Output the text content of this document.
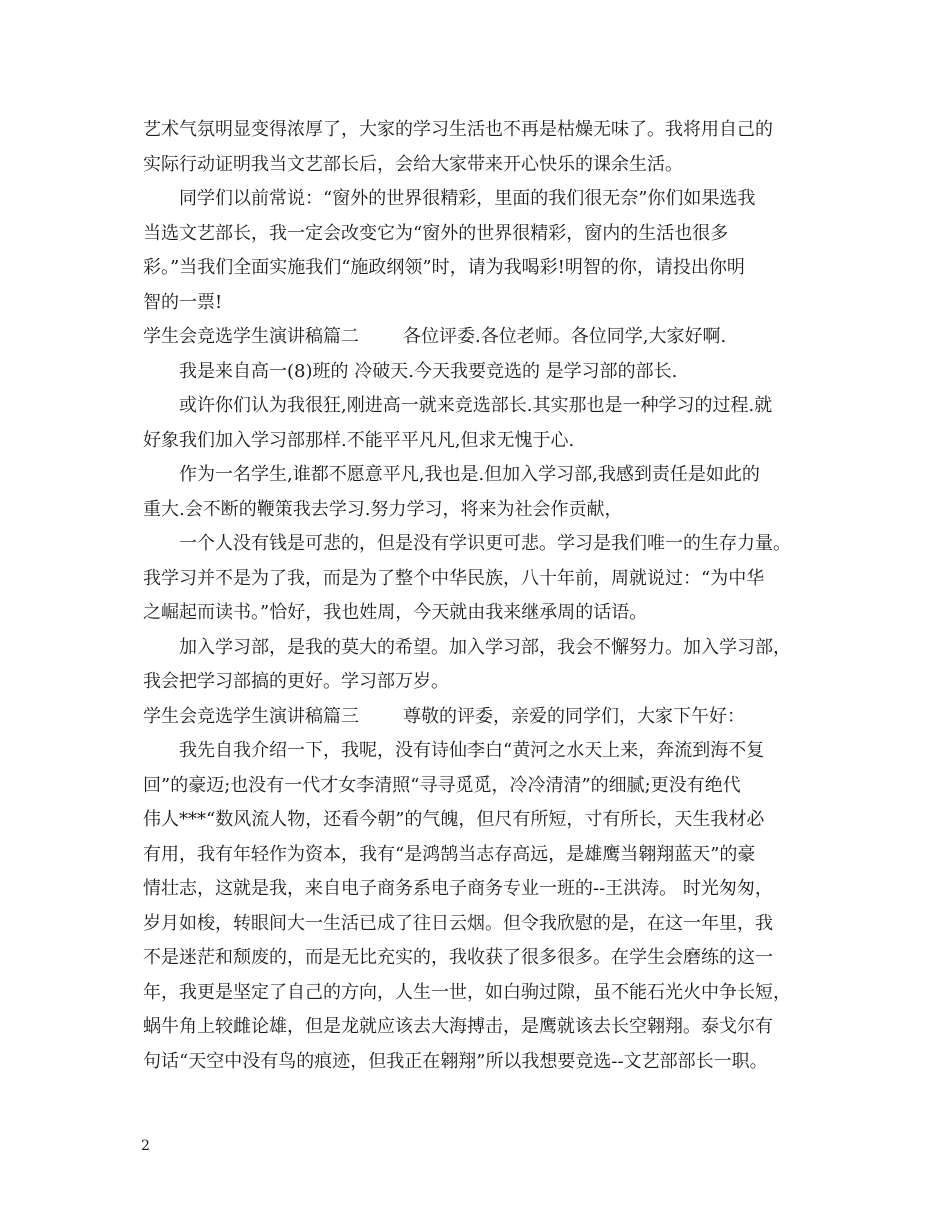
艺术气氛明显变得浓厚了，大家的学习生活也不再是枯燥无味了。我将用自己的
实际行动证明我当文艺部长后，会给大家带来开心快乐的课余生活。
同学们以前常说：“窗外的世界很精彩，里面的我们很无奈”你们如果选我
当选文艺部长，我一定会改变它为“窗外的世界很精彩，窗内的生活也很多
彩。”当我们全面实施我们“施政纲领”时，请为我喝彩!明智的你，请投出你明
智的一票!
学生会竞选学生演讲稿篇二 各位评委.各位老师。各位同学,大家好啊.
我是来自高一(8)班的 冷破天.今天我要竞选的 是学习部的部长.
或许你们认为我很狂,刚进高一就来竞选部长.其实那也是一种学习的过程.就
好象我们加入学习部那样.不能平平凡凡,但求无愧于心.
作为一名学生,谁都不愿意平凡,我也是.但加入学习部,我感到责任是如此的
重大.会不断的鞭策我去学习.努力学习，将来为社会作贡献，
一个人没有钱是可悲的，但是没有学识更可悲。学习是我们唯一的生存力量。
我学习并不是为了我，而是为了整个中华民族，八十年前，周就说过：“为中华
之崛起而读书。”恰好，我也姓周，今天就由我来继承周的话语。
加入学习部，是我的莫大的希望。加入学习部，我会不懈努力。加入学习部，
我会把学习部搞的更好。学习部万岁。
学生会竞选学生演讲稿篇三 尊敬的评委，亲爱的同学们，大家下午好：
我先自我介绍一下，我呢，没有诗仙李白“黄河之水天上来，奔流到海不复
回”的豪迈;也没有一代才女李清照“寻寻觅觅，冷冷清清”的细腻;更没有绝代
伟人***“数风流人物，还看今朝”的气魄，但尺有所短，寸有所长，天生我材必
有用，我有年轻作为资本，我有“是鸿鹄当志存高远，是雄鹰当翱翔蓝天”的豪
情壮志，这就是我，来自电子商务系电子商务专业一班的--王洪涛。 时光匆匆，
岁月如梭，转眼间大一生活已成了往日云烟。但令我欣慰的是，在这一年里，我
不是迷茫和颓废的，而是无比充实的，我收获了很多很多。在学生会磨练的这一
年，我更是坚定了自己的方向，人生一世，如白驹过隙，虽不能石光火中争长短，
蜗牛角上较雌论雄，但是龙就应该去大海搏击，是鹰就该去长空翱翔。泰戈尔有
句话“天空中没有鸟的痕迹，但我正在翱翔”所以我想要竞选--文艺部部长一职。
2
